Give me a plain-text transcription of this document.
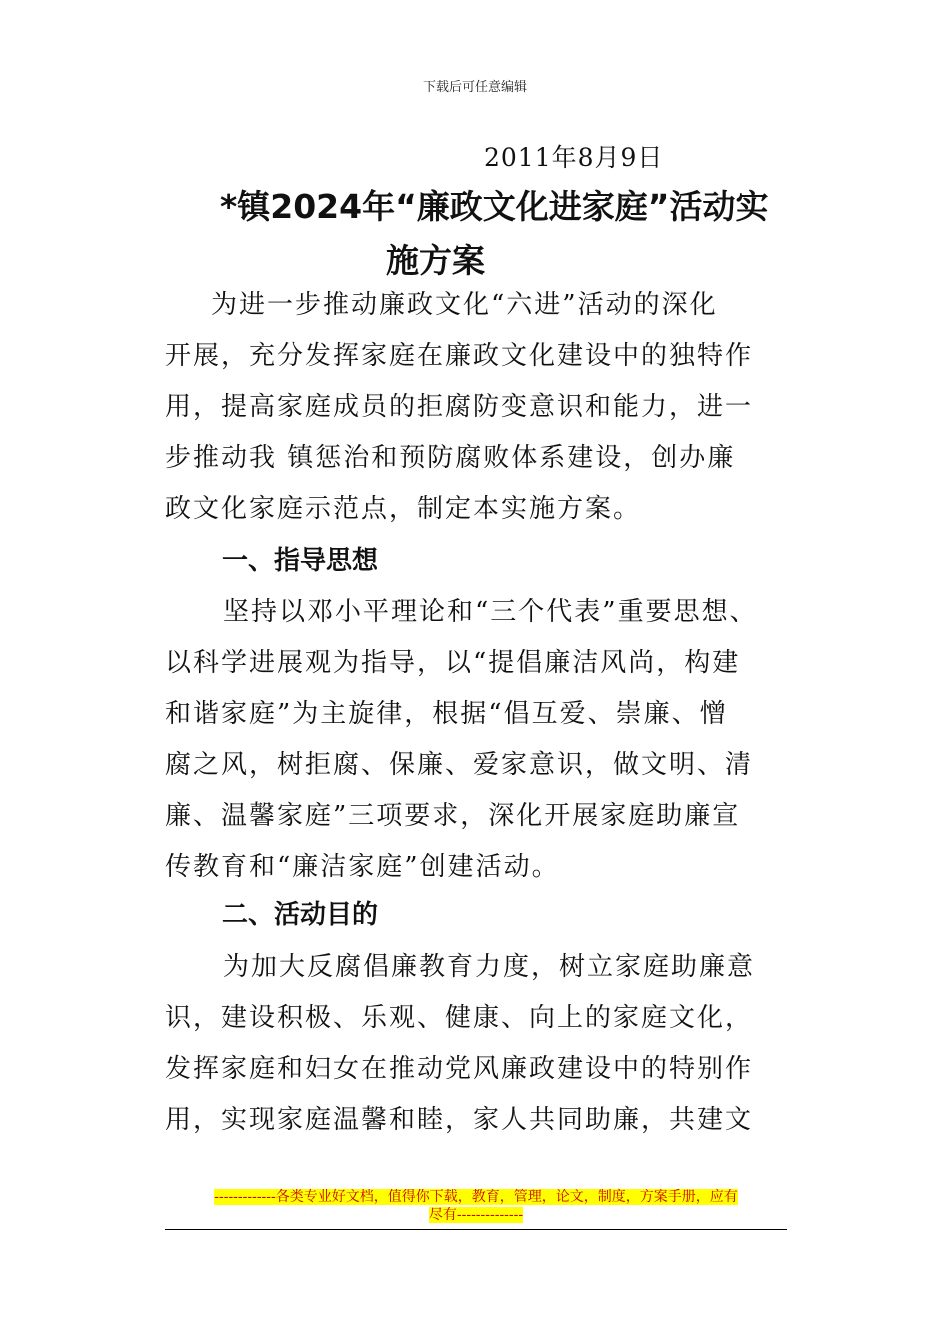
下载后可任意编辑
2011年8月9日
*镇2024年“廉政文化进家庭”活动实
施方案
为进一步推动廉政文化“六进”活动的深化
开展，充分发挥家庭在廉政文化建设中的独特作
用，提高家庭成员的拒腐防变意识和能力，进一
步推动我 镇惩治和预防腐败体系建设，创办廉
政文化家庭示范点，制定本实施方案。
一、指导思想
坚持以邓小平理论和“三个代表”重要思想、
以科学进展观为指导，以“提倡廉洁风尚，构建
和谐家庭”为主旋律，根据“倡互爱、崇廉、憎
腐之风，树拒腐、保廉、爱家意识，做文明、清
廉、温馨家庭”三项要求，深化开展家庭助廉宣
传教育和“廉洁家庭”创建活动。
二、活动目的
为加大反腐倡廉教育力度，树立家庭助廉意
识，建设积极、乐观、健康、向上的家庭文化，
发挥家庭和妇女在推动党风廉政建设中的特别作
用，实现家庭温馨和睦，家人共同助廉，共建文
-------------各类专业好文档，值得你下载，教育，管理，论文，制度，方案手册，应有
尽有--------------
